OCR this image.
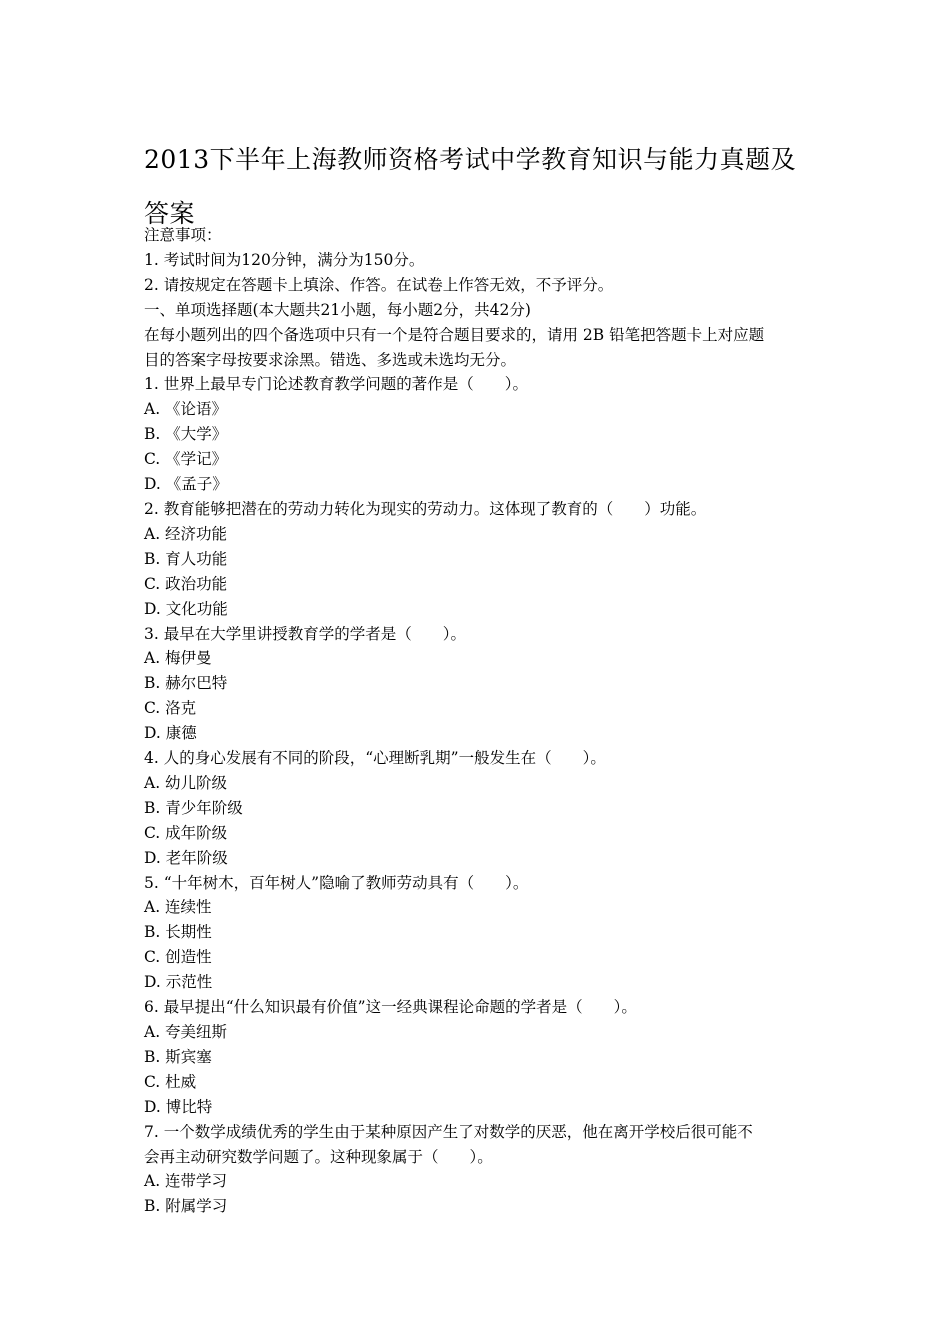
2013下半年上海教师资格考试中学教育知识与能力真题及
答案
注意事项：
1. 考试时间为120分钟，满分为150分。
2. 请按规定在答题卡上填涂、作答。在试卷上作答无效，不予评分。
一、单项选择题(本大题共21小题，每小题2分，共42分)
在每小题列出的四个备选项中只有一个是符合题目要求的，请用 2B 铅笔把答题卡上对应题
目的答案字母按要求涂黑。错选、多选或未选均无分。
1. 世界上最早专门论述教育教学问题的著作是（　　）。
A. 《论语》
B. 《大学》
C. 《学记》
D. 《孟子》
2. 教育能够把潜在的劳动力转化为现实的劳动力。这体现了教育的（　　）功能。
A. 经济功能
B. 育人功能
C. 政治功能
D. 文化功能
3. 最早在大学里讲授教育学的学者是（　　）。
A. 梅伊曼
B. 赫尔巴特
C. 洛克
D. 康德
4. 人的身心发展有不同的阶段，“心理断乳期”一般发生在（　　）。
A. 幼儿阶级
B. 青少年阶级
C. 成年阶级
D. 老年阶级
5. “十年树木，百年树人”隐喻了教师劳动具有（　　）。
A. 连续性
B. 长期性
C. 创造性
D. 示范性
6. 最早提出“什么知识最有价值”这一经典课程论命题的学者是（　　）。
A. 夸美纽斯
B. 斯宾塞
C. 杜威
D. 博比特
7. 一个数学成绩优秀的学生由于某种原因产生了对数学的厌恶，他在离开学校后很可能不
会再主动研究数学问题了。这种现象属于（　　）。
A. 连带学习
B. 附属学习
